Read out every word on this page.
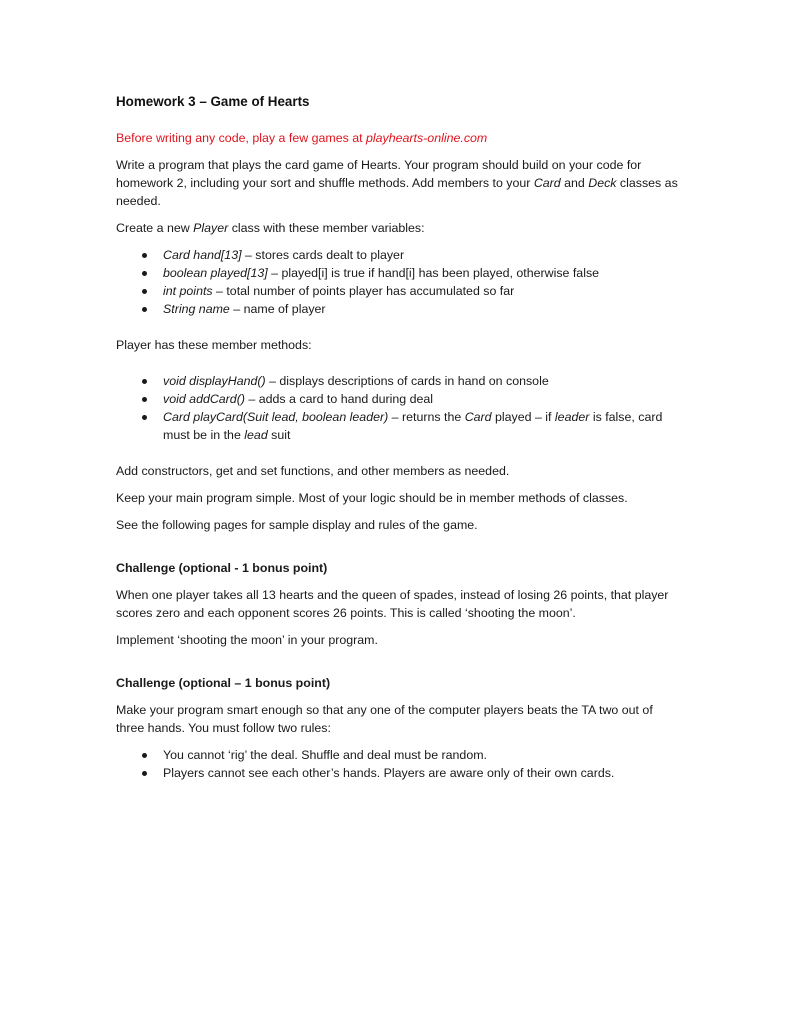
Homework 3 – Game of Hearts

Before writing any code, play a few games at playhearts-online.com

Write a program that plays the card game of Hearts. Your program should build on your code for homework 2, including your sort and shuffle methods. Add members to your Card and Deck classes as needed.

Create a new Player class with these member variables:

Card hand[13] – stores cards dealt to player
boolean played[13] – played[i] is true if hand[i] has been played, otherwise false
int points – total number of points player has accumulated so far
String name – name of player

Player has these member methods:

void displayHand() – displays descriptions of cards in hand on console
void addCard() – adds a card to hand during deal
Card playCard(Suit lead, boolean leader) – returns the Card played – if leader is false, card must be in the lead suit

Add constructors, get and set functions, and other members as needed.

Keep your main program simple. Most of your logic should be in member methods of classes.

See the following pages for sample display and rules of the game.

Challenge (optional - 1 bonus point)

When one player takes all 13 hearts and the queen of spades, instead of losing 26 points, that player scores zero and each opponent scores 26 points. This is called ‘shooting the moon’.

Implement ‘shooting the moon’ in your program.

Challenge (optional – 1 bonus point)

Make your program smart enough so that any one of the computer players beats the TA two out of three hands. You must follow two rules:

You cannot ‘rig’ the deal. Shuffle and deal must be random.
Players cannot see each other’s hands. Players are aware only of their own cards.
